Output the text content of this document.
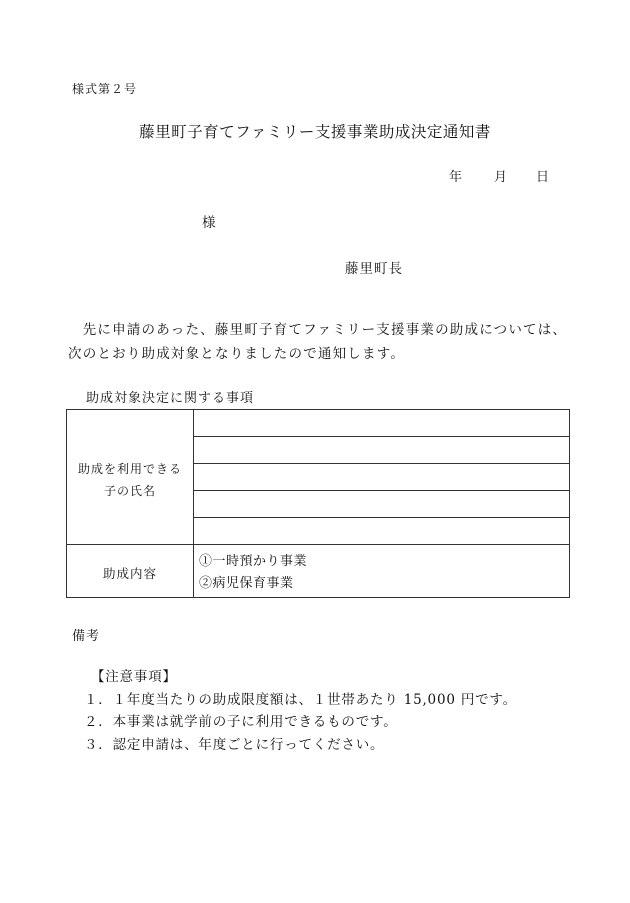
様式第２号
藤里町子育てファミリー支援事業助成決定通知書
年 月 日
様
藤里町長
　先に申請のあった、藤里町子育てファミリー支援事業の助成については、
次のとおり助成対象となりましたので通知します。
助成対象決定に関する事項
助成を利用できる
子の氏名
助成内容
①一時預かり事業
②病児保育事業
備考
【注意事項】
１．１年度当たりの助成限度額は、１世帯あたり 15,000 円です。
２．本事業は就学前の子に利用できるものです。
３．認定申請は、年度ごとに行ってください。
